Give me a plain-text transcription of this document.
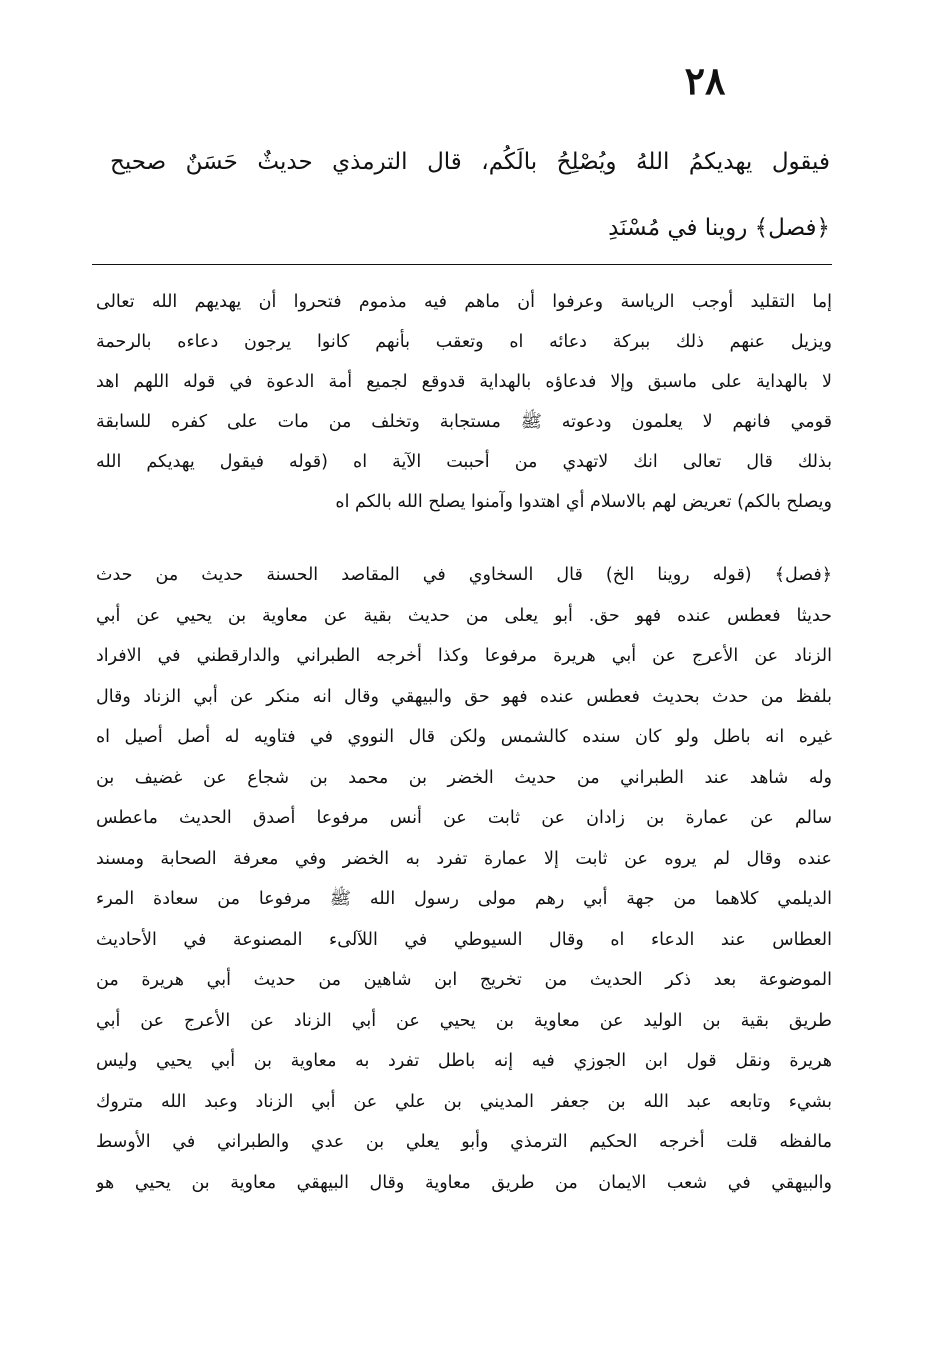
٢٨
فيقول يهديكمُ اللهُ ويُصْلِحُ بالَكُم، قال الترمذي حديثٌ حَسَنٌ صحيح
﴿فصل﴾ روينا في مُسْنَدِ
إما التقليد أوجب الرياسة وعرفوا أن ماهم فيه مذموم فتحروا أن يهديهم الله تعالى
ويزيل عنهم ذلك ببركة دعائه اه وتعقب بأنهم كانوا يرجون دعاءه بالرحمة
لا بالهداية على ماسبق وإلا فدعاؤه بالهداية قدوقع لجميع أمة الدعوة في قوله اللهم اهد
قومي فانهم لا يعلمون ودعوته ﷺ مستجابة وتخلف من مات على كفره للسابقة
بذلك قال تعالى انك لاتهدي من أحببت الآية اه (قوله فيقول يهديكم الله
ويصلح بالكم) تعريض لهم بالاسلام أي اهتدوا وآمنوا يصلح الله بالكم اه
﴿فصل﴾ (قوله روينا الخ) قال السخاوي في المقاصد الحسنة حديث من حدث
حديثا فعطس عنده فهو حق. أبو يعلى من حديث بقية عن معاوية بن يحيي عن أبي
الزناد عن الأعرج عن أبي هريرة مرفوعا وكذا أخرجه الطبراني والدارقطني في الافراد
بلفظ من حدث بحديث فعطس عنده فهو حق والبيهقي وقال انه منكر عن أبي الزناد وقال
غيره انه باطل ولو كان سنده كالشمس ولكن قال النووي في فتاويه له أصل أصيل اه
وله شاهد عند الطبراني من حديث الخضر بن محمد بن شجاع عن غضيف بن
سالم عن عمارة بن زادان عن ثابت عن أنس مرفوعا أصدق الحديث ماعطس
عنده وقال لم يروه عن ثابت إلا عمارة تفرد به الخضر وفي معرفة الصحابة ومسند
الديلمي كلاهما من جهة أبي رهم مولى رسول الله ﷺ مرفوعا من سعادة المرء
العطاس عند الدعاء اه وقال السيوطي في اللآلىء المصنوعة في الأحاديث
الموضوعة بعد ذكر الحديث من تخريج ابن شاهين من حديث أبي هريرة من
طريق بقية بن الوليد عن معاوية بن يحيي عن أبي الزناد عن الأعرج عن أبي
هريرة ونقل قول ابن الجوزي فيه إنه باطل تفرد به معاوية بن أبي يحيي وليس
بشيء وتابعه عبد الله بن جعفر المديني بن علي عن أبي الزناد وعبد الله متروك
مالفظه قلت أخرجه الحكيم الترمذي وأبو يعلي بن عدي والطبراني في الأوسط
والبيهقي في شعب الايمان من طريق معاوية وقال البيهقي معاوية بن يحيي هو
